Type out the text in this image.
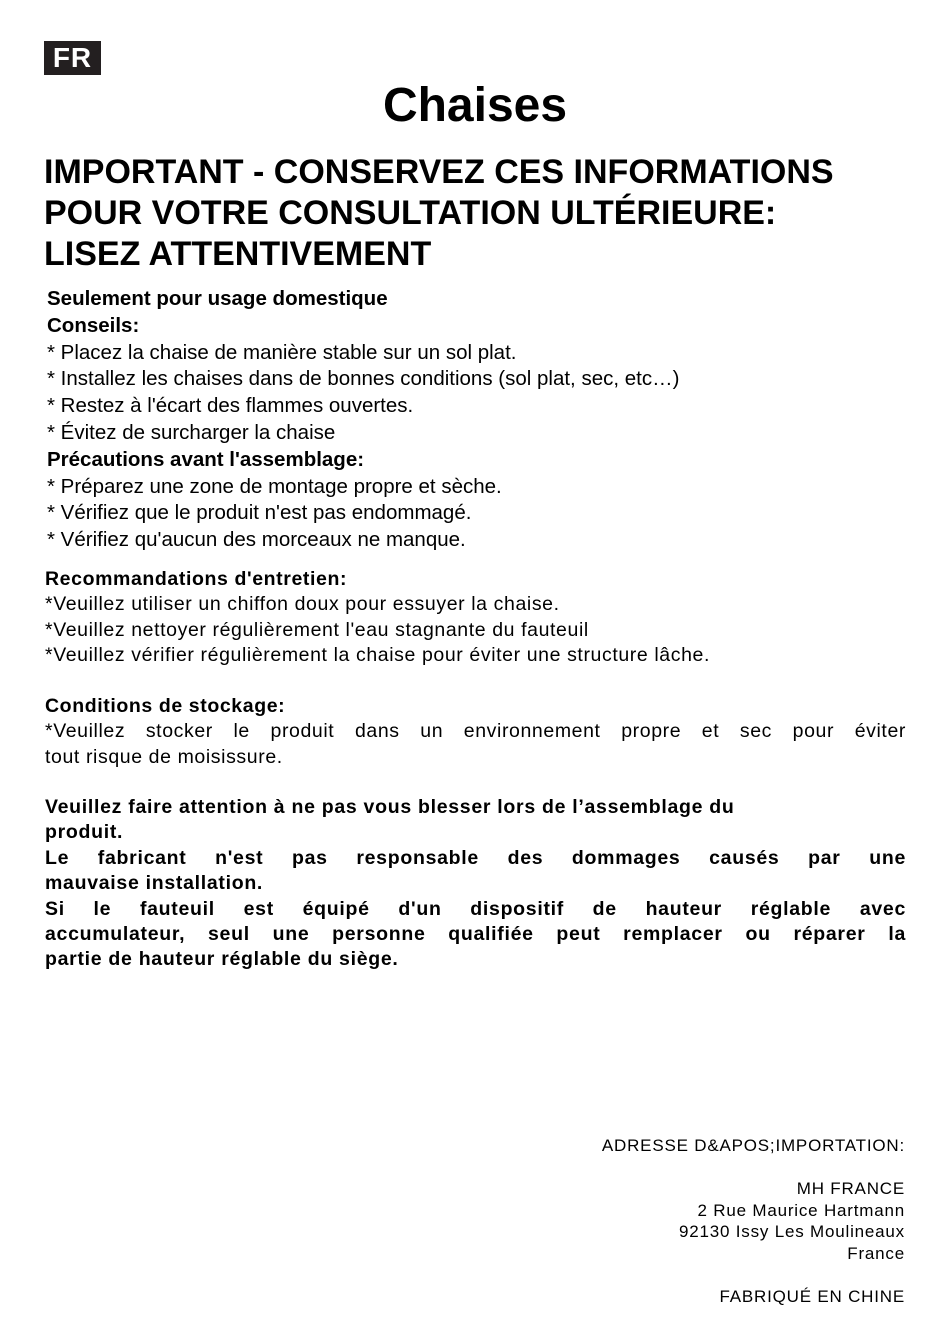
FR
Chaises
IMPORTANT - CONSERVEZ CES INFORMATIONS
POUR VOTRE CONSULTATION ULTÉRIEURE:
LISEZ ATTENTIVEMENT
Seulement pour usage domestique
Conseils:
* Placez la chaise de manière stable sur un sol plat.
* Installez les chaises dans de bonnes conditions (sol plat, sec, etc…)
* Restez à l'écart des flammes ouvertes.
* Évitez de surcharger la chaise
Précautions avant l'assemblage:
* Préparez une zone de montage propre et sèche.
* Vérifiez que le produit n'est pas endommagé.
* Vérifiez qu'aucun des morceaux ne manque.
Recommandations d'entretien:
*Veuillez utiliser un chiffon doux pour essuyer la chaise.
*Veuillez nettoyer régulièrement l'eau stagnante du fauteuil
*Veuillez vérifier régulièrement la chaise pour éviter une structure lâche.
Conditions de stockage:
*Veuillez stocker le produit dans un environnement propre et sec pour éviter
tout risque de moisissure.
Veuillez faire attention à ne pas vous blesser lors de l’assemblage du
produit.
Le fabricant n'est pas responsable des dommages causés par une
mauvaise installation.
Si le fauteuil est équipé d'un dispositif de hauteur réglable avec
accumulateur, seul une personne qualifiée peut remplacer ou réparer la
partie de hauteur réglable du siège.
ADRESSE D&APOS;IMPORTATION:
MH FRANCE
2 Rue Maurice Hartmann
92130 Issy Les Moulineaux
France
FABRIQUÉ EN CHINE
